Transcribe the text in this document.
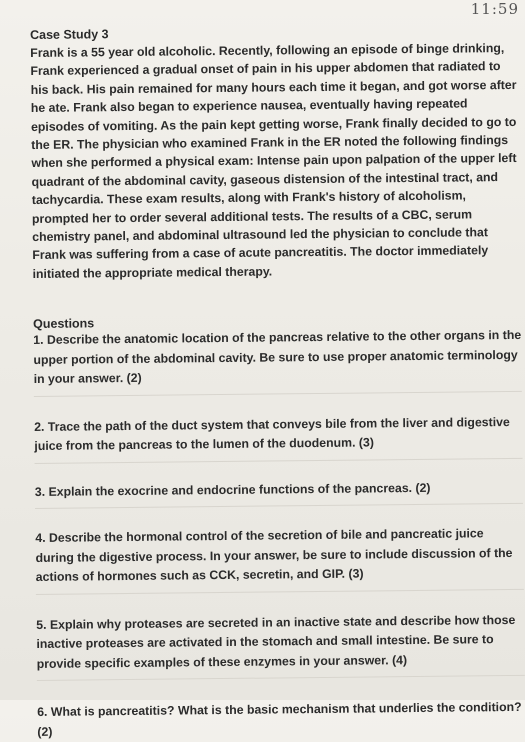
11:59
Case Study 3

Frank is a 55 year old alcoholic. Recently, following an episode of binge drinking, Frank experienced a gradual onset of pain in his upper abdomen that radiated to his back. His pain remained for many hours each time it began, and got worse after he ate. Frank also began to experience nausea, eventually having repeated episodes of vomiting. As the pain kept getting worse, Frank finally decided to go to the ER. The physician who examined Frank in the ER noted the following findings when she performed a physical exam: Intense pain upon palpation of the upper left quadrant of the abdominal cavity, gaseous distension of the intestinal tract, and tachycardia. These exam results, along with Frank's history of alcoholism, prompted her to order several additional tests. The results of a CBC, serum chemistry panel, and abdominal ultrasound led the physician to conclude that Frank was suffering from a case of acute pancreatitis. The doctor immediately initiated the appropriate medical therapy.

Questions
1. Describe the anatomic location of the pancreas relative to the other organs in the upper portion of the abdominal cavity. Be sure to use proper anatomic terminology in your answer. (2)
2. Trace the path of the duct system that conveys bile from the liver and digestive juice from the pancreas to the lumen of the duodenum. (3)
3. Explain the exocrine and endocrine functions of the pancreas. (2)
4. Describe the hormonal control of the secretion of bile and pancreatic juice during the digestive process. In your answer, be sure to include discussion of the actions of hormones such as CCK, secretin, and GIP. (3)
5. Explain why proteases are secreted in an inactive state and describe how those inactive proteases are activated in the stomach and small intestine. Be sure to provide specific examples of these enzymes in your answer. (4)
6. What is pancreatitis? What is the basic mechanism that underlies the condition?
(2)
